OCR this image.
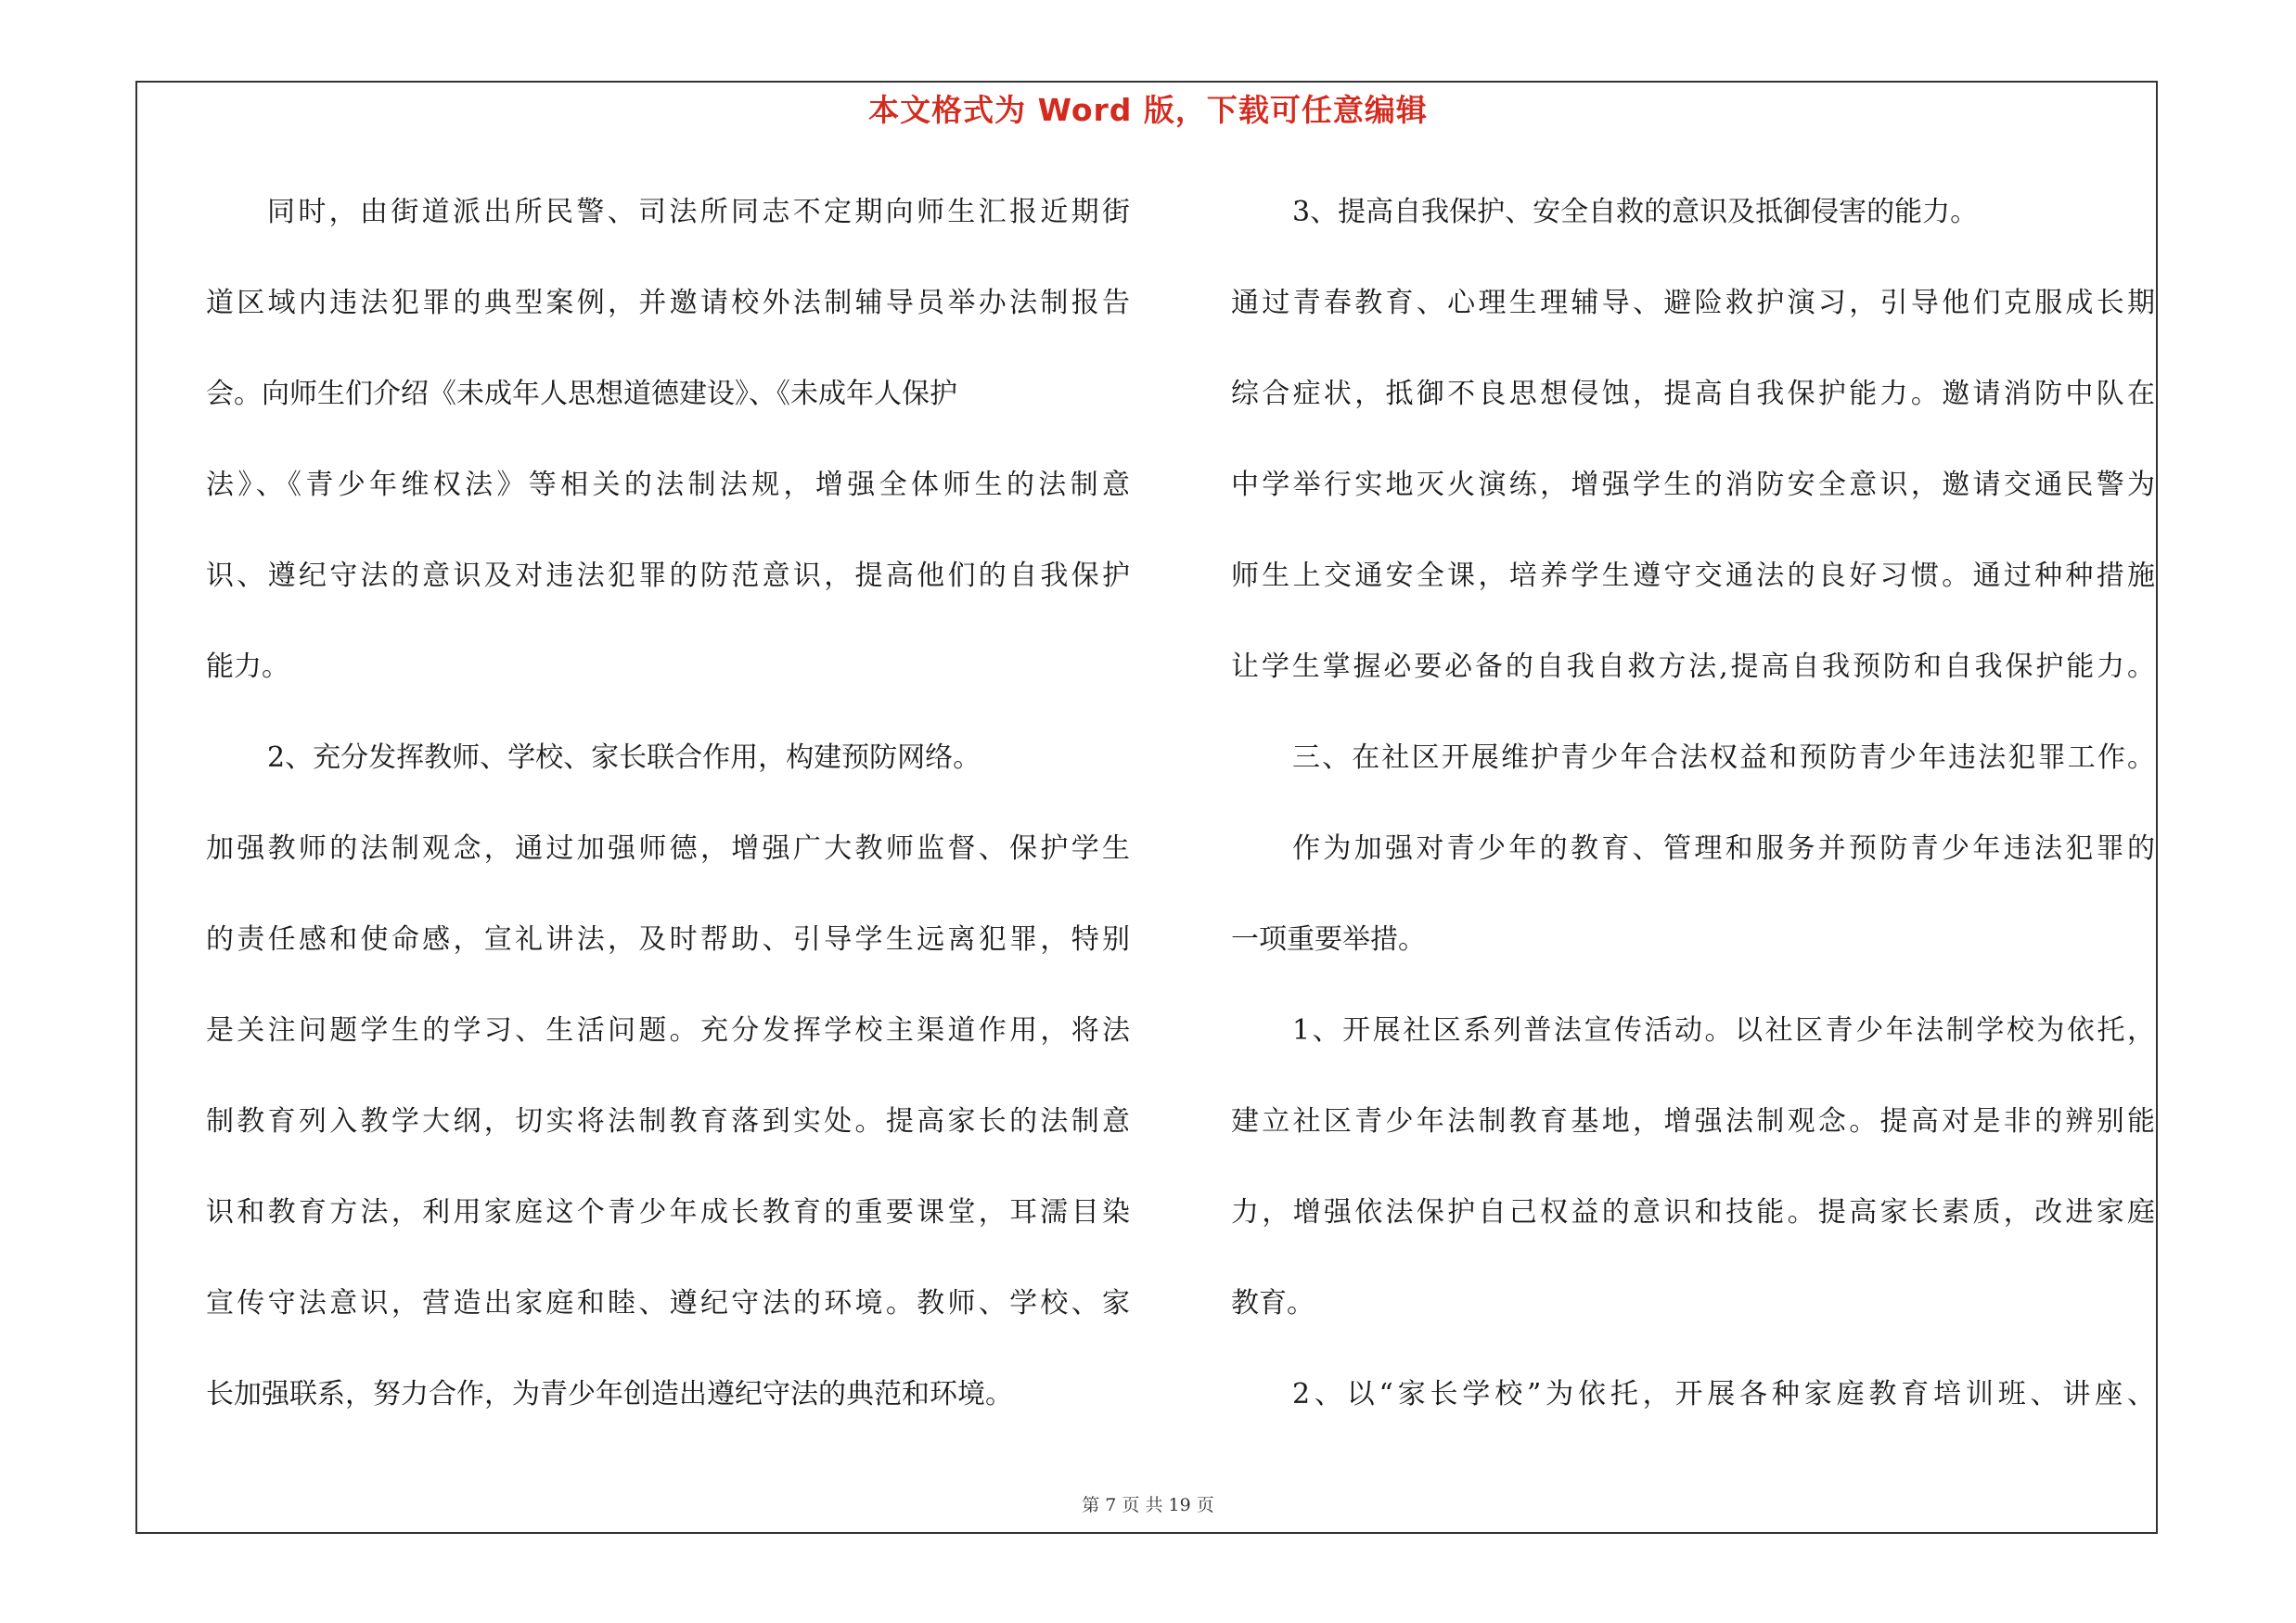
本文格式为 Word 版，下载可任意编辑
同时，由街道派出所民警、司法所同志不定期向师生汇报近期街
道区域内违法犯罪的典型案例，并邀请校外法制辅导员举办法制报告
会。向师生们介绍《未成年人思想道德建设》、《未成年人保护
法》、《青少年维权法》等相关的法制法规，增强全体师生的法制意
识、遵纪守法的意识及对违法犯罪的防范意识，提高他们的自我保护
能力。
2、充分发挥教师、学校、家长联合作用，构建预防网络。
加强教师的法制观念，通过加强师德，增强广大教师监督、保护学生
的责任感和使命感，宣礼讲法，及时帮助、引导学生远离犯罪，特别
是关注问题学生的学习、生活问题。充分发挥学校主渠道作用，将法
制教育列入教学大纲，切实将法制教育落到实处。提高家长的法制意
识和教育方法，利用家庭这个青少年成长教育的重要课堂，耳濡目染
宣传守法意识，营造出家庭和睦、遵纪守法的环境。教师、学校、家
长加强联系，努力合作，为青少年创造出遵纪守法的典范和环境。
3、提高自我保护、安全自救的意识及抵御侵害的能力。
通过青春教育、心理生理辅导、避险救护演习，引导他们克服成长期
综合症状，抵御不良思想侵蚀，提高自我保护能力。邀请消防中队在
中学举行实地灭火演练，增强学生的消防安全意识，邀请交通民警为
师生上交通安全课，培养学生遵守交通法的良好习惯。通过种种措施
让学生掌握必要必备的自我自救方法,提高自我预防和自我保护能力。
三、在社区开展维护青少年合法权益和预防青少年违法犯罪工作。
作为加强对青少年的教育、管理和服务并预防青少年违法犯罪的
一项重要举措。
1、开展社区系列普法宣传活动。以社区青少年法制学校为依托，
建立社区青少年法制教育基地，增强法制观念。提高对是非的辨别能
力，增强依法保护自己权益的意识和技能。提高家长素质，改进家庭
教育。
2、以“家长学校”为依托，开展各种家庭教育培训班、讲座、
第 7 页 共 19 页
